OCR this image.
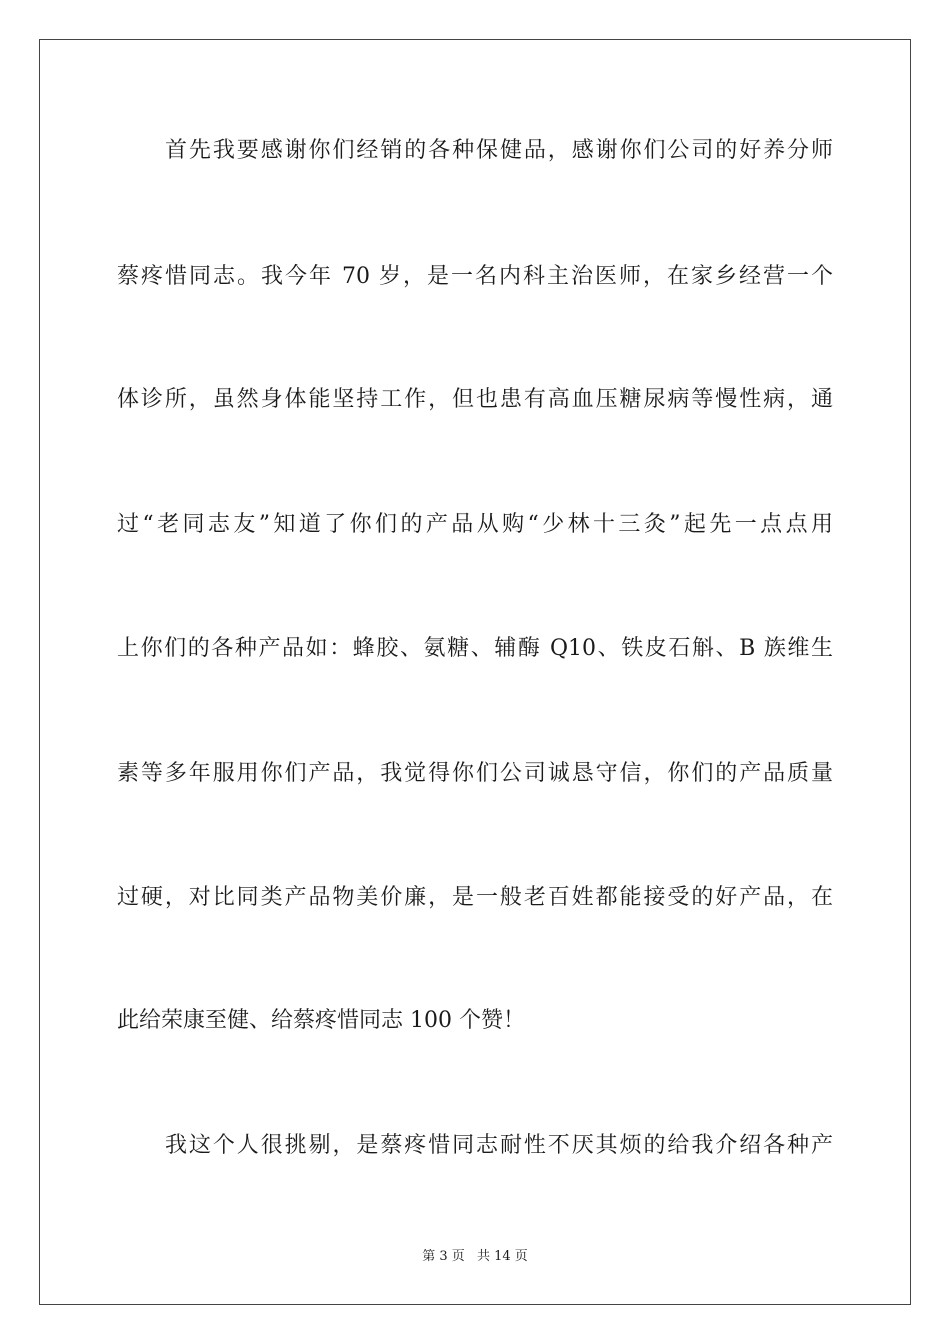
首先我要感谢你们经销的各种保健品，感谢你们公司的好养分师
蔡疼惜同志。我今年 70 岁，是一名内科主治医师，在家乡经营一个
体诊所，虽然身体能坚持工作，但也患有高血压糖尿病等慢性病，通
过“老同志友”知道了你们的产品从购“少林十三灸”起先一点点用
上你们的各种产品如：蜂胶、氨糖、辅酶 Q10、铁皮石斛、B 族维生
素等多年服用你们产品，我觉得你们公司诚恳守信，你们的产品质量
过硬，对比同类产品物美价廉，是一般老百姓都能接受的好产品，在
此给荣康至健、给蔡疼惜同志 100 个赞！
我这个人很挑剔，是蔡疼惜同志耐性不厌其烦的给我介绍各种产
第 3 页 共 14 页
